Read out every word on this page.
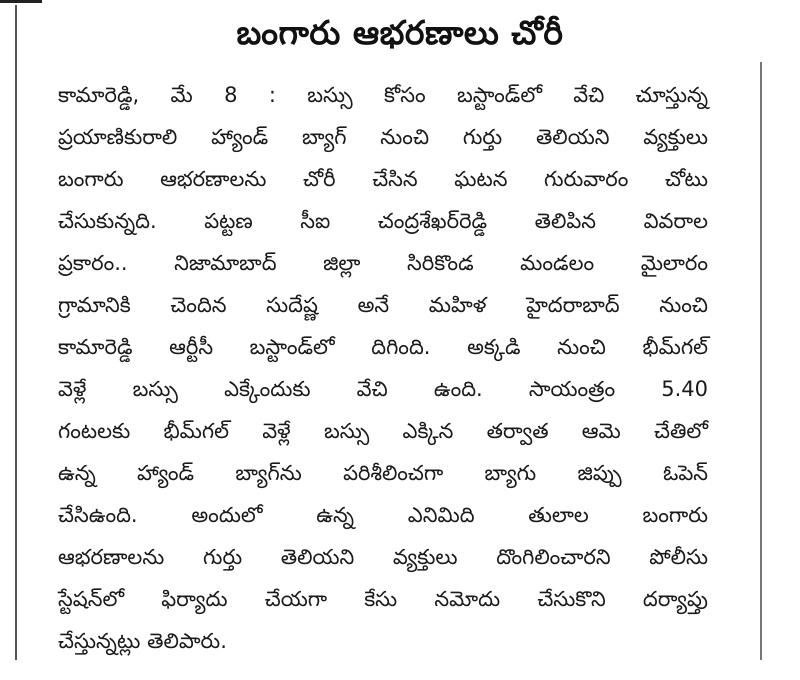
బంగారు ఆభరణాలు చోరీ
కామారెడ్డి, మే 8 : బస్సు కోసం బస్టాండ్‌లో వేచి చూస్తున్న
ప్రయాణికురాలి హ్యాండ్ బ్యాగ్ నుంచి గుర్తు తెలియని వ్యక్తులు
బంగారు ఆభరణాలను చోరీ చేసిన ఘటన గురువారం చోటు
చేసుకున్నది. పట్టణ సీఐ చంద్రశేఖర్‌రెడ్డి తెలిపిన వివరాల
ప్రకారం.. నిజామాబాద్ జిల్లా సిరికొండ మండలం మైలారం
గ్రామానికి చెందిన సుదేష్ణ అనే మహిళ హైదరాబాద్ నుంచి
కామారెడ్డి ఆర్టీసీ బస్టాండ్‌లో దిగింది. అక్కడి నుంచి భీమ్‌గల్
వెళ్లే బస్సు ఎక్కేందుకు వేచి ఉంది. సాయంత్రం 5.40
గంటలకు భీమ్‌గల్ వెళ్లే బస్సు ఎక్కిన తర్వాత ఆమె చేతిలో
ఉన్న హ్యాండ్ బ్యాగ్‌ను పరిశీలించగా బ్యాగు జిప్పు ఓపెన్
చేసిఉంది. అందులో ఉన్న ఎనిమిది తులాల బంగారు
ఆభరణాలను గుర్తు తెలియని వ్యక్తులు దొంగిలించారని పోలీసు
స్టేషన్‌లో ఫిర్యాదు చేయగా కేసు నమోదు చేసుకొని దర్యాప్తు
చేస్తున్నట్లు తెలిపారు.
